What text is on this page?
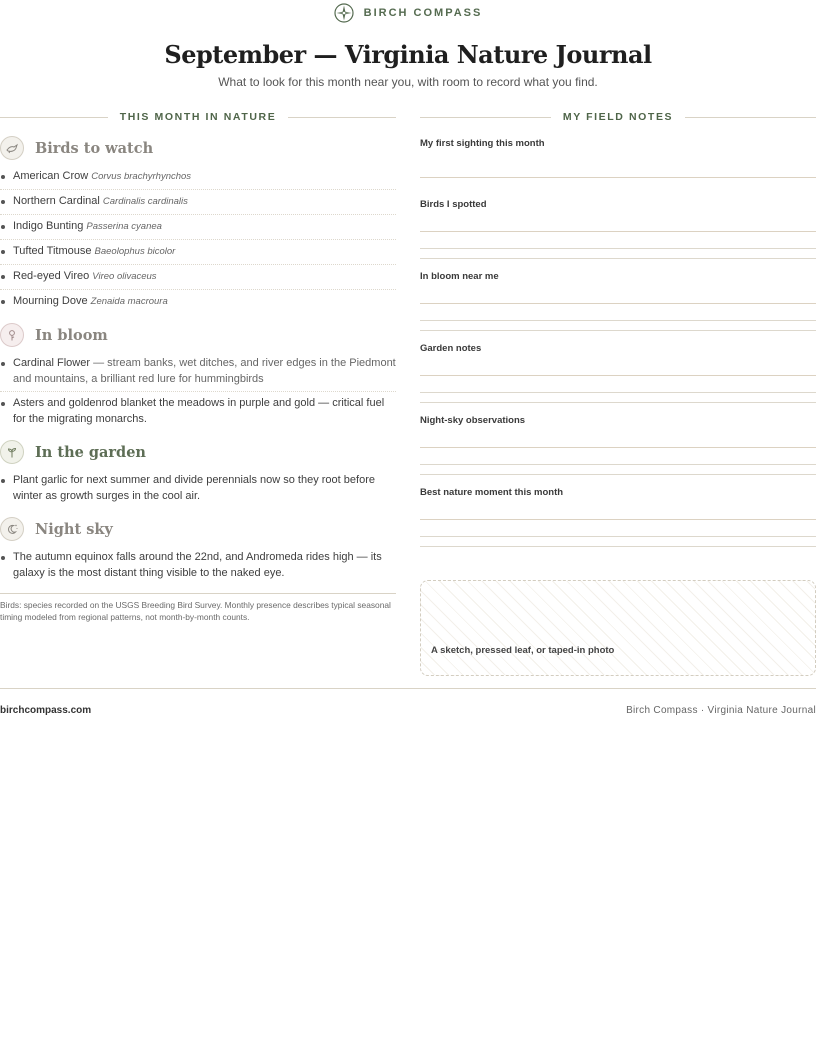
BIRCH COMPASS
September — Virginia Nature Journal
What to look for this month near you, with room to record what you find.
THIS MONTH IN NATURE	MY FIELD NOTES
Birds to watch
American Crow Corvus brachyrhynchos
Northern Cardinal Cardinalis cardinalis
Indigo Bunting Passerina cyanea
Tufted Titmouse Baeolophus bicolor
Red-eyed Vireo Vireo olivaceus
Mourning Dove Zenaida macroura
In bloom
Cardinal Flower — stream banks, wet ditches, and river edges in the Piedmont and mountains, a brilliant red lure for hummingbirds
Asters and goldenrod blanket the meadows in purple and gold — critical fuel for the migrating monarchs.
In the garden
Plant garlic for next summer and divide perennials now so they root before winter as growth surges in the cool air.
Night sky
The autumn equinox falls around the 22nd, and Andromeda rides high — its galaxy is the most distant thing visible to the naked eye.
Birds: species recorded on the USGS Breeding Bird Survey. Monthly presence describes typical seasonal timing modeled from regional patterns, not month-by-month counts.
My first sighting this month
Birds I spotted
In bloom near me
Garden notes
Night-sky observations
Best nature moment this month
A sketch, pressed leaf, or taped-in photo
birchcompass.com	Birch Compass · Virginia Nature Journal
